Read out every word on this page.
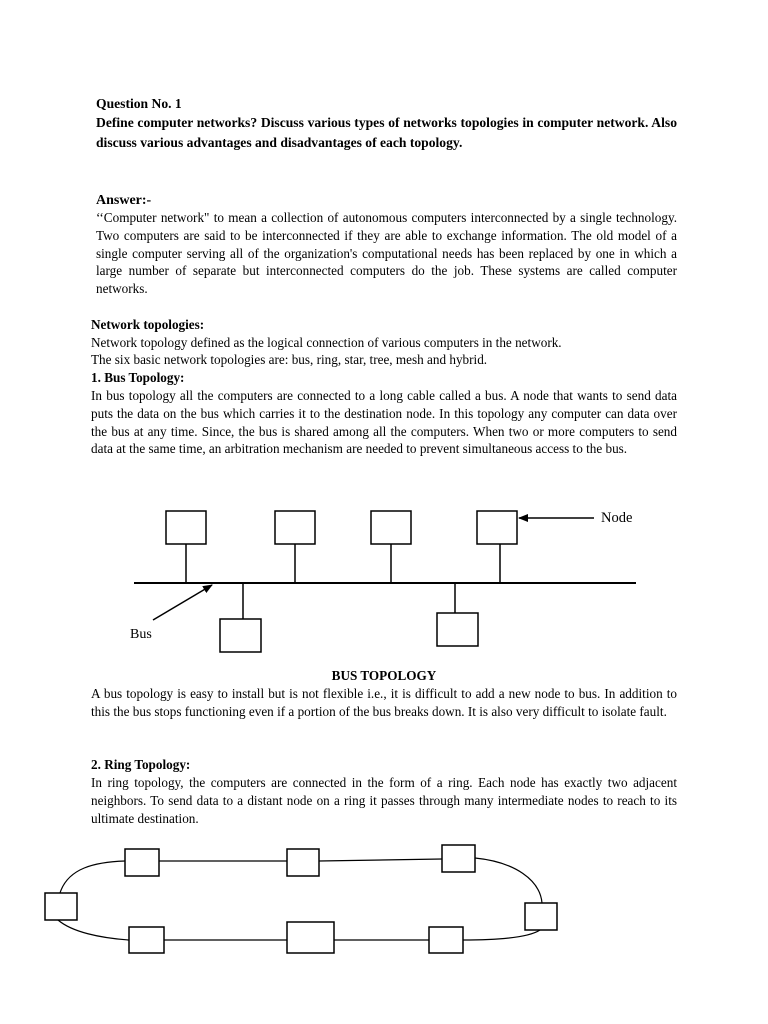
Question No. 1

Define computer networks? Discuss various types of networks topologies in computer network. Also discuss various advantages and disadvantages of each topology.

Answer:-

‘‘Computer network" to mean a collection of autonomous computers interconnected by a single technology. Two computers are said to be interconnected if they are able to exchange information. The old model of a single computer serving all of the organization's computational needs has been replaced by one in which a large number of separate but interconnected computers do the job. These systems are called computer networks.

Network topologies:

Network topology defined as the logical connection of various computers in the network.

The six basic network topologies are: bus, ring, star, tree, mesh and hybrid.

1. Bus Topology:

In bus topology all the computers are connected to a long cable called a bus. A node that wants to send data puts the data on the bus which carries it to the destination node. In this topology any computer can data over the bus at any time. Since, the bus is shared among all the computers. When two or more computers to send data at the same time, an arbitration mechanism are needed to prevent simultaneous access to the bus.

Node
Bus

BUS TOPOLOGY

A bus topology is easy to install but is not flexible i.e., it is difficult to add a new node to bus. In addition to this the bus stops functioning even if a portion of the bus breaks down. It is also very difficult to isolate fault.

2. Ring Topology:

In ring topology, the computers are connected in the form of a ring. Each node has exactly two adjacent neighbors. To send data to a distant node on a ring it passes through many intermediate nodes to reach to its ultimate destination.
